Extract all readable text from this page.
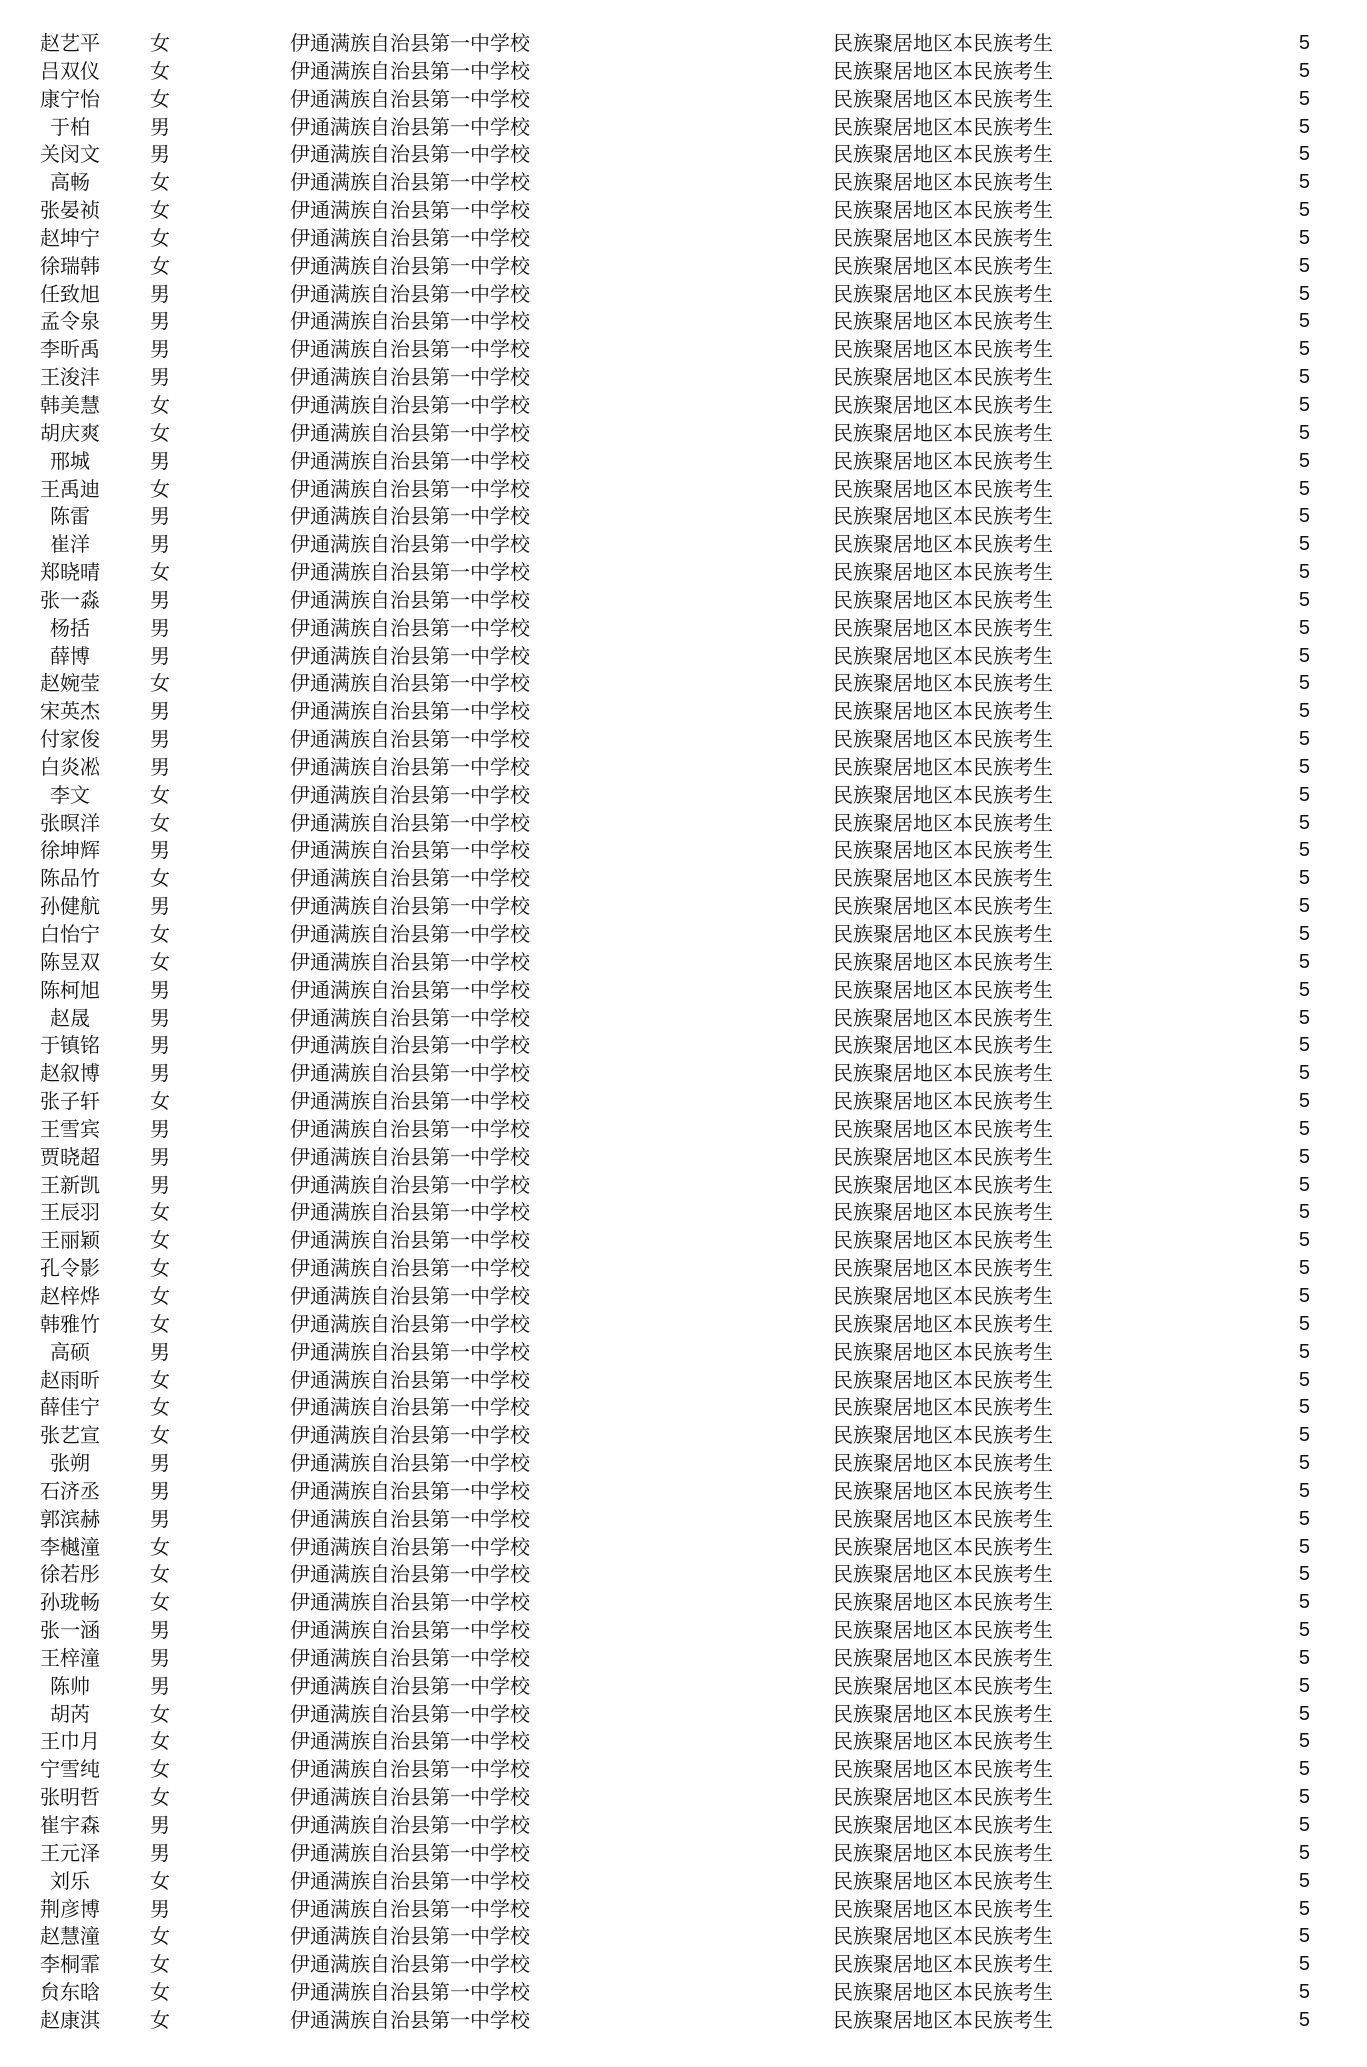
赵艺平	女	伊通满族自治县第一中学校	民族聚居地区本民族考生	5
吕双仪	女	伊通满族自治县第一中学校	民族聚居地区本民族考生	5
康宁怡	女	伊通满族自治县第一中学校	民族聚居地区本民族考生	5
于柏	男	伊通满族自治县第一中学校	民族聚居地区本民族考生	5
关闵文	男	伊通满族自治县第一中学校	民族聚居地区本民族考生	5
高畅	女	伊通满族自治县第一中学校	民族聚居地区本民族考生	5
张晏祯	女	伊通满族自治县第一中学校	民族聚居地区本民族考生	5
赵坤宁	女	伊通满族自治县第一中学校	民族聚居地区本民族考生	5
徐瑞韩	女	伊通满族自治县第一中学校	民族聚居地区本民族考生	5
任致旭	男	伊通满族自治县第一中学校	民族聚居地区本民族考生	5
孟令泉	男	伊通满族自治县第一中学校	民族聚居地区本民族考生	5
李昕禹	男	伊通满族自治县第一中学校	民族聚居地区本民族考生	5
王浚沣	男	伊通满族自治县第一中学校	民族聚居地区本民族考生	5
韩美慧	女	伊通满族自治县第一中学校	民族聚居地区本民族考生	5
胡庆爽	女	伊通满族自治县第一中学校	民族聚居地区本民族考生	5
邢城	男	伊通满族自治县第一中学校	民族聚居地区本民族考生	5
王禹迪	女	伊通满族自治县第一中学校	民族聚居地区本民族考生	5
陈雷	男	伊通满族自治县第一中学校	民族聚居地区本民族考生	5
崔洋	男	伊通满族自治县第一中学校	民族聚居地区本民族考生	5
郑晓晴	女	伊通满族自治县第一中学校	民族聚居地区本民族考生	5
张一淼	男	伊通满族自治县第一中学校	民族聚居地区本民族考生	5
杨括	男	伊通满族自治县第一中学校	民族聚居地区本民族考生	5
薛博	男	伊通满族自治县第一中学校	民族聚居地区本民族考生	5
赵婉莹	女	伊通满族自治县第一中学校	民族聚居地区本民族考生	5
宋英杰	男	伊通满族自治县第一中学校	民族聚居地区本民族考生	5
付家俊	男	伊通满族自治县第一中学校	民族聚居地区本民族考生	5
白炎凇	男	伊通满族自治县第一中学校	民族聚居地区本民族考生	5
李文	女	伊通满族自治县第一中学校	民族聚居地区本民族考生	5
张暝洋	女	伊通满族自治县第一中学校	民族聚居地区本民族考生	5
徐坤辉	男	伊通满族自治县第一中学校	民族聚居地区本民族考生	5
陈品竹	女	伊通满族自治县第一中学校	民族聚居地区本民族考生	5
孙健航	男	伊通满族自治县第一中学校	民族聚居地区本民族考生	5
白怡宁	女	伊通满族自治县第一中学校	民族聚居地区本民族考生	5
陈昱双	女	伊通满族自治县第一中学校	民族聚居地区本民族考生	5
陈柯旭	男	伊通满族自治县第一中学校	民族聚居地区本民族考生	5
赵晟	男	伊通满族自治县第一中学校	民族聚居地区本民族考生	5
于镇铭	男	伊通满族自治县第一中学校	民族聚居地区本民族考生	5
赵叙博	男	伊通满族自治县第一中学校	民族聚居地区本民族考生	5
张子轩	女	伊通满族自治县第一中学校	民族聚居地区本民族考生	5
王雪宾	男	伊通满族自治县第一中学校	民族聚居地区本民族考生	5
贾晓超	男	伊通满族自治县第一中学校	民族聚居地区本民族考生	5
王新凯	男	伊通满族自治县第一中学校	民族聚居地区本民族考生	5
王辰羽	女	伊通满族自治县第一中学校	民族聚居地区本民族考生	5
王丽颖	女	伊通满族自治县第一中学校	民族聚居地区本民族考生	5
孔令影	女	伊通满族自治县第一中学校	民族聚居地区本民族考生	5
赵梓烨	女	伊通满族自治县第一中学校	民族聚居地区本民族考生	5
韩雅竹	女	伊通满族自治县第一中学校	民族聚居地区本民族考生	5
高硕	男	伊通满族自治县第一中学校	民族聚居地区本民族考生	5
赵雨昕	女	伊通满族自治县第一中学校	民族聚居地区本民族考生	5
薛佳宁	女	伊通满族自治县第一中学校	民族聚居地区本民族考生	5
张艺宣	女	伊通满族自治县第一中学校	民族聚居地区本民族考生	5
张朔	男	伊通满族自治县第一中学校	民族聚居地区本民族考生	5
石济丞	男	伊通满族自治县第一中学校	民族聚居地区本民族考生	5
郭滨赫	男	伊通满族自治县第一中学校	民族聚居地区本民族考生	5
李樾潼	女	伊通满族自治县第一中学校	民族聚居地区本民族考生	5
徐若彤	女	伊通满族自治县第一中学校	民族聚居地区本民族考生	5
孙珑畅	女	伊通满族自治县第一中学校	民族聚居地区本民族考生	5
张一涵	男	伊通满族自治县第一中学校	民族聚居地区本民族考生	5
王梓潼	男	伊通满族自治县第一中学校	民族聚居地区本民族考生	5
陈帅	男	伊通满族自治县第一中学校	民族聚居地区本民族考生	5
胡芮	女	伊通满族自治县第一中学校	民族聚居地区本民族考生	5
王巾月	女	伊通满族自治县第一中学校	民族聚居地区本民族考生	5
宁雪纯	女	伊通满族自治县第一中学校	民族聚居地区本民族考生	5
张明哲	女	伊通满族自治县第一中学校	民族聚居地区本民族考生	5
崔宇森	男	伊通满族自治县第一中学校	民族聚居地区本民族考生	5
王元泽	男	伊通满族自治县第一中学校	民族聚居地区本民族考生	5
刘乐	女	伊通满族自治县第一中学校	民族聚居地区本民族考生	5
荆彦博	男	伊通满族自治县第一中学校	民族聚居地区本民族考生	5
赵慧潼	女	伊通满族自治县第一中学校	民族聚居地区本民族考生	5
李桐霏	女	伊通满族自治县第一中学校	民族聚居地区本民族考生	5
贠东晗	女	伊通满族自治县第一中学校	民族聚居地区本民族考生	5
赵康淇	女	伊通满族自治县第一中学校	民族聚居地区本民族考生	5
